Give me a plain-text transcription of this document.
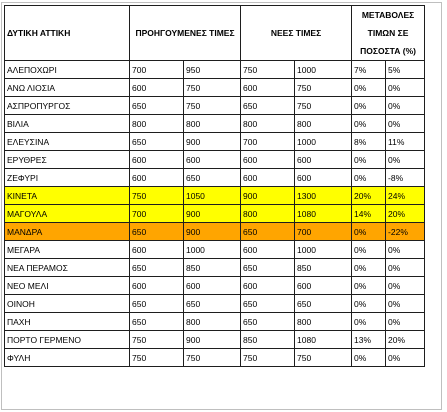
ΔΥΤΙΚΗ ΑΤΤΙΚΗ	ΠΡΟΗΓΟΥΜΕΝΕΣ ΤΙΜΕΣ		ΝΕΕΣ ΤΙΜΕΣ		ΜΕΤΑΒΟΛΕΣ
ΤΙΜΩΝ ΣΕ
ΠΟΣΟΣΤΑ (%)	
ΑΛΕΠΟΧΩΡΙ	700	950	750	1000	7%	5%
ΑΝΩ ΛΙΟΣΙΑ	600	750	600	750	0%	0%
ΑΣΠΡΟΠΥΡΓΟΣ	650	750	650	750	0%	0%
ΒΙΛΙΑ	800	800	800	800	0%	0%
ΕΛΕΥΣΙΝΑ	650	900	700	1000	8%	11%
ΕΡΥΘΡΕΣ	600	600	600	600	0%	0%
ΖΕΦΥΡΙ	600	650	600	600	0%	-8%
ΚΙΝΕΤΑ	750	1050	900	1300	20%	24%
ΜΑΓΟΥΛΑ	700	900	800	1080	14%	20%
ΜΑΝΔΡΑ	650	900	650	700	0%	-22%
ΜΕΓΑΡΑ	600	1000	600	1000	0%	0%
ΝΕΑ ΠΕΡΑΜΟΣ	650	850	650	850	0%	0%
ΝΕΟ ΜΕΛΙ	600	600	600	600	0%	0%
ΟΙΝΟΗ	650	650	650	650	0%	0%
ΠΑΧΗ	650	800	650	800	0%	0%
ΠΟΡΤΟ ΓΕΡΜΕΝΟ	750	900	850	1080	13%	20%
ΦΥΛΗ	750	750	750	750	0%	0%
